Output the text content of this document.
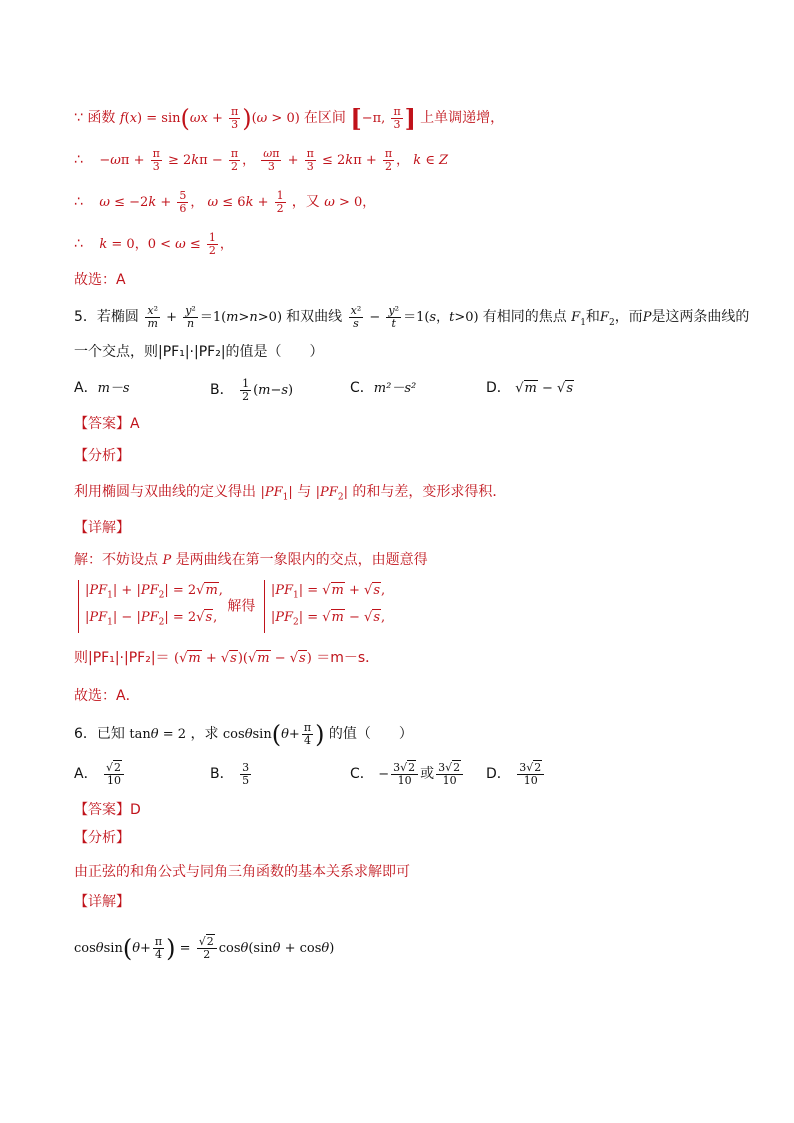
∵ 函数 $f(x) = \sin(\omega x + \frac{\pi}{3} )(\omega > 0)$ 在区间 [−π, $\frac{\pi}{3}$ ] 上单调递增，
∴ $-\omega\pi + \frac{\pi}{3} \ge 2k\pi - \frac{\pi}{2}$ ， $\frac{\omega\pi}{3} + \frac{\pi}{3} \le 2k\pi + \frac{\pi}{2}$ ， k ∈ Z
∴ $\omega \le -2k + \frac{5}{6}$ ， $\omega \le 6k + \frac{1}{2}$ ，又 ω > 0，
∴ k = 0，$0 < \omega \le \frac{1}{2}$ ，
故选：A
5．若椭圆 $\frac{\text{x²}}{m} + \frac{\text{y²}}{n} =1(m>n>0)$ 和双曲线 $\frac{\text{x²}}{s} - \frac{\text{y²}}{t} =1(s$，t>0) 有相同的焦点 $F_1$和$F_2$，而P是这两条曲线的
一个交点，则|PF₁|·|PF₂|的值是（　　）
A．m－s	B． $\frac{1}{2} (m-s)$	C．m²－s²	D． √m − √s
【答案】A
【分析】
利用椭圆与双曲线的定义得出 $|PF_1|$ 与 $|PF_2|$ 的和与差，变形求得积．
【详解】
解：不妨设点 P 是两曲线在第一象限内的交点，由题意得
$|PF_1| + |PF_2| = 2√m$,
$|PF_1| - |PF_2| = 2√s$, 解得 $|PF_1| = √m + √s$,
$|PF_2| = √m - √s$,
则|PF₁|·|PF₂|＝ (√m + √s)(√m − √s) ＝m－s．
故选：A．
6．已知 tanθ = 2 ，求 $\cos\theta\sin(\theta+ \frac{\pi}{4}$ ) 的值（　　）
A． $\frac{√2}{10}$	B． $\frac{3}{5}$	C． − $\frac{3√2}{10}$ 或 $\frac{3√2}{10}$ D． $\frac{3√2}{10}$
【答案】D
【分析】
由正弦的和角公式与同角三角函数的基本关系求解即可
【详解】
$\cos\theta\sin(\theta+ \frac{\pi}{4}$ ) = $\frac{√2}{2} \cos\theta(\sin\theta + \cos\theta)$
